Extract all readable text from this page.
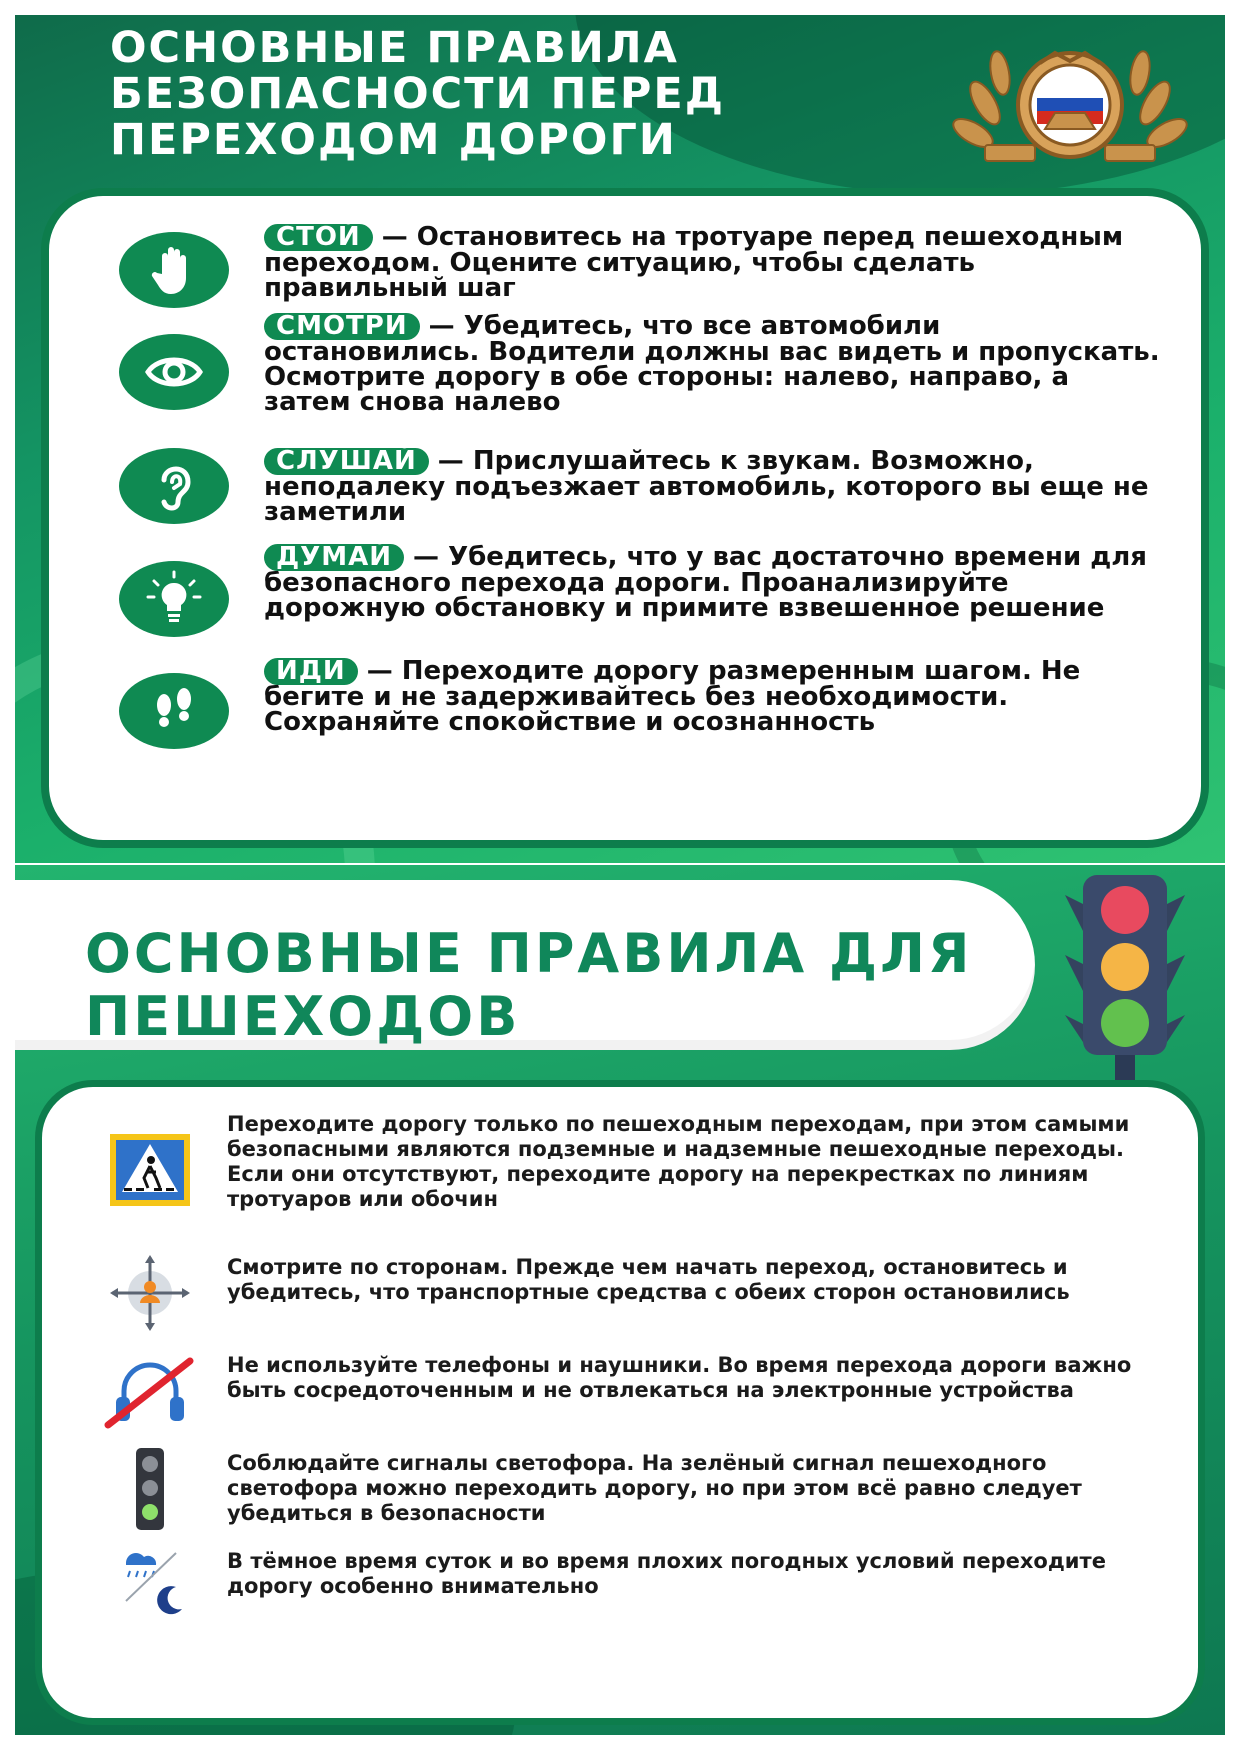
ОСНОВНЫЕ ПРАВИЛА БЕЗОПАСНОСТИ ПЕРЕД ПЕРЕХОДОМ ДОРОГИ

СТОЙ — Остановитесь на тротуаре перед пешеходным переходом. Оцените ситуацию, чтобы сделать правильный шаг

СМОТРИ — Убедитесь, что все автомобили остановились. Водители должны вас видеть и пропускать. Осмотрите дорогу в обе стороны: налево, направо, а затем снова налево

СЛУШАЙ — Прислушайтесь к звукам. Возможно, неподалеку подъезжает автомобиль, которого вы еще не заметили

ДУМАЙ — Убедитесь, что у вас достаточно времени для безопасного перехода дороги. Проанализируйте дорожную обстановку и примите взвешенное решение

ИДИ — Переходите дорогу размеренным шагом. Не бегите и не задерживайтесь без необходимости. Сохраняйте спокойствие и осознанность

ОСНОВНЫЕ ПРАВИЛА ДЛЯ ПЕШЕХОДОВ

Переходите дорогу только по пешеходным переходам, при этом самыми безопасными являются подземные и надземные пешеходные переходы. Если они отсутствуют, переходите дорогу на перекрестках по линиям тротуаров или обочин

Смотрите по сторонам. Прежде чем начать переход, остановитесь и убедитесь, что транспортные средства с обеих сторон остановились

Не используйте телефоны и наушники. Во время перехода дороги важно быть сосредоточенным и не отвлекаться на электронные устройства

Соблюдайте сигналы светофора. На зелёный сигнал пешеходного светофора можно переходить дорогу, но при этом всё равно следует убедиться в безопасности

В тёмное время суток и во время плохих погодных условий переходите дорогу особенно внимательно
